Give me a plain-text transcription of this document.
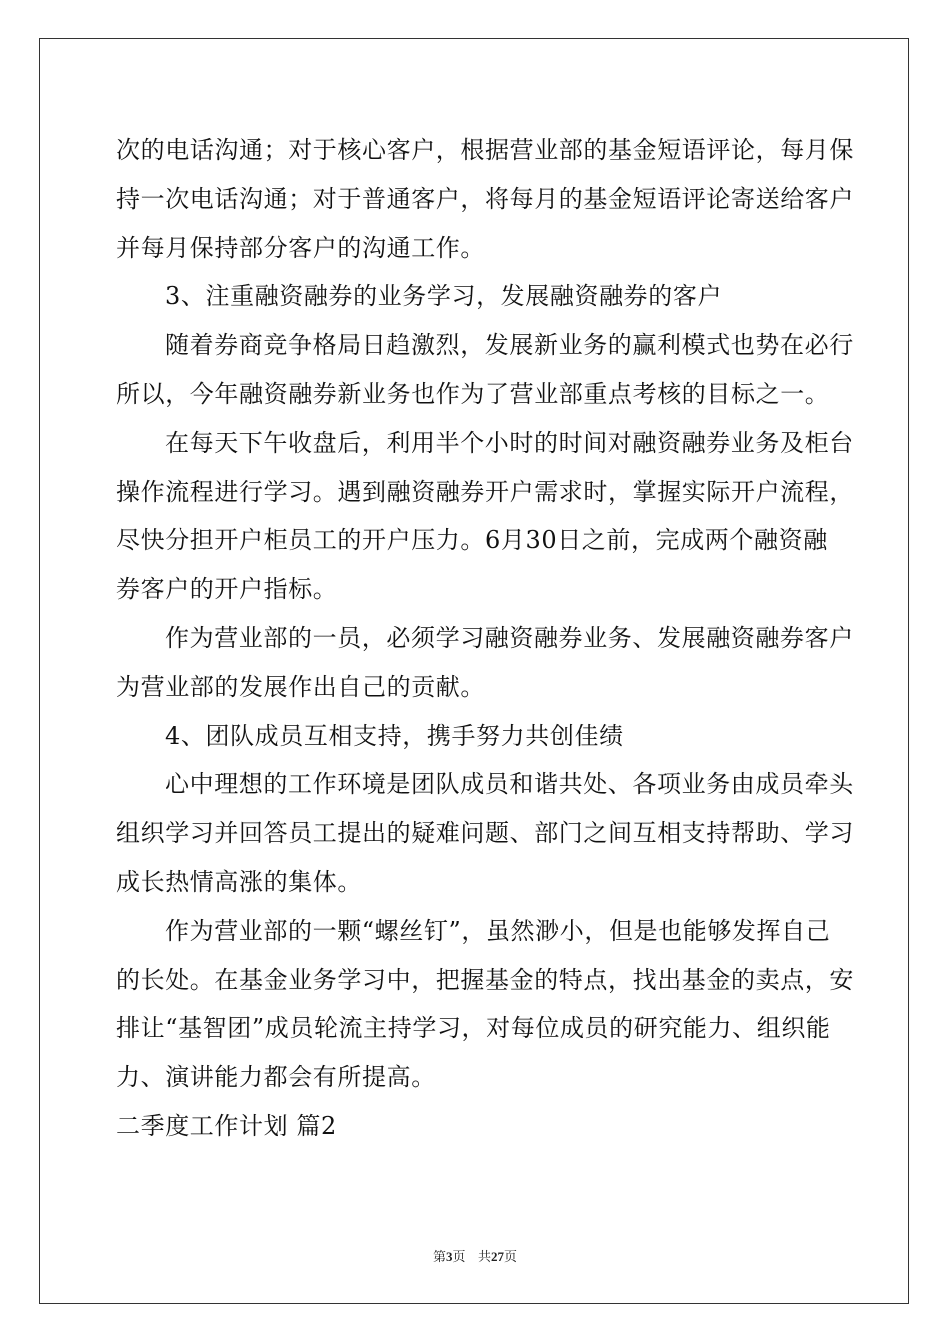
次的电话沟通；对于核心客户，根据营业部的基金短语评论，每月保
持一次电话沟通；对于普通客户，将每月的基金短语评论寄送给客户
并每月保持部分客户的沟通工作。
3、注重融资融券的业务学习，发展融资融券的客户
随着券商竞争格局日趋激烈，发展新业务的赢利模式也势在必行
所以，今年融资融券新业务也作为了营业部重点考核的目标之一。
在每天下午收盘后，利用半个小时的时间对融资融券业务及柜台
操作流程进行学习。遇到融资融券开户需求时，掌握实际开户流程，
尽快分担开户柜员工的开户压力。6月30日之前，完成两个融资融
券客户的开户指标。
作为营业部的一员，必须学习融资融券业务、发展融资融券客户
为营业部的发展作出自己的贡献。
4、团队成员互相支持，携手努力共创佳绩
心中理想的工作环境是团队成员和谐共处、各项业务由成员牵头
组织学习并回答员工提出的疑难问题、部门之间互相支持帮助、学习
成长热情高涨的集体。
作为营业部的一颗“螺丝钉”，虽然渺小，但是也能够发挥自己
的长处。在基金业务学习中，把握基金的特点，找出基金的卖点，安
排让“基智团”成员轮流主持学习，对每位成员的研究能力、组织能
力、演讲能力都会有所提高。
二季度工作计划 篇2
第3页 共27页
